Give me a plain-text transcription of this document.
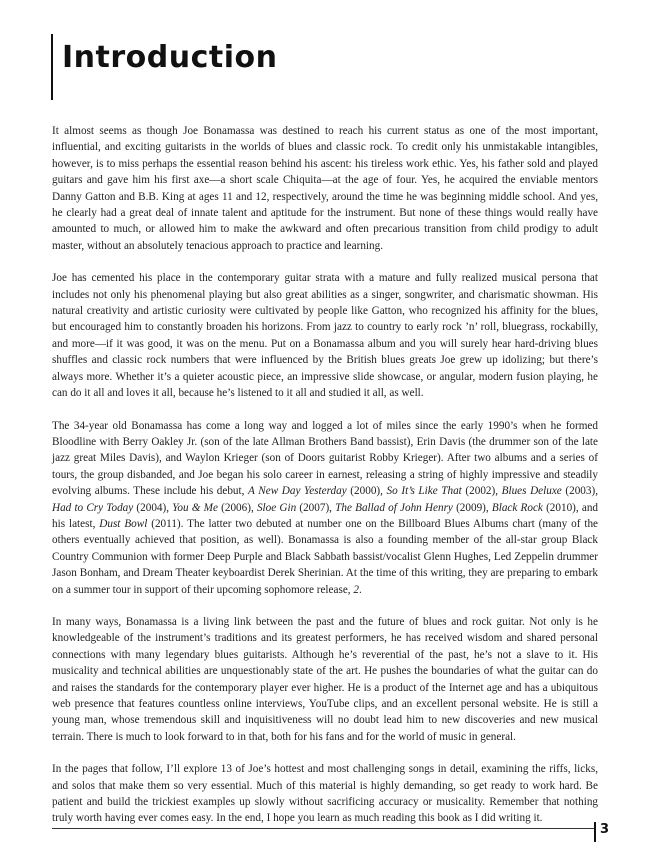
Introduction

It almost seems as though Joe Bonamassa was destined to reach his current status as one of the most important, influential, and exciting guitarists in the worlds of blues and classic rock. To credit only his unmistakable intangibles, however, is to miss perhaps the essential reason behind his ascent: his tireless work ethic. Yes, his father sold and played guitars and gave him his first axe—a short scale Chiquita—at the age of four. Yes, he acquired the enviable mentors Danny Gatton and B.B. King at ages 11 and 12, respectively, around the time he was beginning middle school. And yes, he clearly had a great deal of innate talent and aptitude for the instrument. But none of these things would really have amounted to much, or allowed him to make the awkward and often precarious transition from child prodigy to adult master, without an absolutely tenacious approach to practice and learning.

Joe has cemented his place in the contemporary guitar strata with a mature and fully realized musical persona that includes not only his phenomenal playing but also great abilities as a singer, songwriter, and charismatic showman. His natural creativity and artistic curiosity were cultivated by people like Gatton, who recognized his affinity for the blues, but encouraged him to constantly broaden his horizons. From jazz to country to early rock ’n’ roll, bluegrass, rockabilly, and more—if it was good, it was on the menu. Put on a Bonamassa album and you will surely hear hard-driving blues shuffles and classic rock numbers that were influenced by the British blues greats Joe grew up idolizing; but there’s always more. Whether it’s a quieter acoustic piece, an impressive slide showcase, or angular, modern fusion playing, he can do it all and loves it all, because he’s listened to it all and studied it all, as well.

The 34-year old Bonamassa has come a long way and logged a lot of miles since the early 1990’s when he formed Bloodline with Berry Oakley Jr. (son of the late Allman Brothers Band bassist), Erin Davis (the drummer son of the late jazz great Miles Davis), and Waylon Krieger (son of Doors guitarist Robby Krieger). After two albums and a series of tours, the group disbanded, and Joe began his solo career in earnest, releasing a string of highly impressive and steadily evolving albums. These include his debut, A New Day Yesterday (2000), So It’s Like That (2002), Blues Deluxe (2003), Had to Cry Today (2004), You & Me (2006), Sloe Gin (2007), The Ballad of John Henry (2009), Black Rock (2010), and his latest, Dust Bowl (2011). The latter two debuted at number one on the Billboard Blues Albums chart (many of the others eventually achieved that position, as well). Bonamassa is also a founding member of the all-star group Black Country Communion with former Deep Purple and Black Sabbath bassist/vocalist Glenn Hughes, Led Zeppelin drummer Jason Bonham, and Dream Theater keyboardist Derek Sherinian. At the time of this writing, they are preparing to embark on a summer tour in support of their upcoming sophomore release, 2.

In many ways, Bonamassa is a living link between the past and the future of blues and rock guitar. Not only is he knowledgeable of the instrument’s traditions and its greatest performers, he has received wisdom and shared personal connections with many legendary blues guitarists. Although he’s reverential of the past, he’s not a slave to it. His musicality and technical abilities are unquestionably state of the art. He pushes the boundaries of what the guitar can do and raises the standards for the contemporary player ever higher. He is a product of the Internet age and has a ubiquitous web presence that features countless online interviews, YouTube clips, and an excellent personal website. He is still a young man, whose tremendous skill and inquisitiveness will no doubt lead him to new discoveries and new musical terrain. There is much to look forward to in that, both for his fans and for the world of music in general.

In the pages that follow, I’ll explore 13 of Joe’s hottest and most challenging songs in detail, examining the riffs, licks, and solos that make them so very essential. Much of this material is highly demanding, so get ready to work hard. Be patient and build the trickiest examples up slowly without sacrificing accuracy or musicality. Remember that nothing truly worth having ever comes easy. In the end, I hope you learn as much reading this book as I did writing it.

3
